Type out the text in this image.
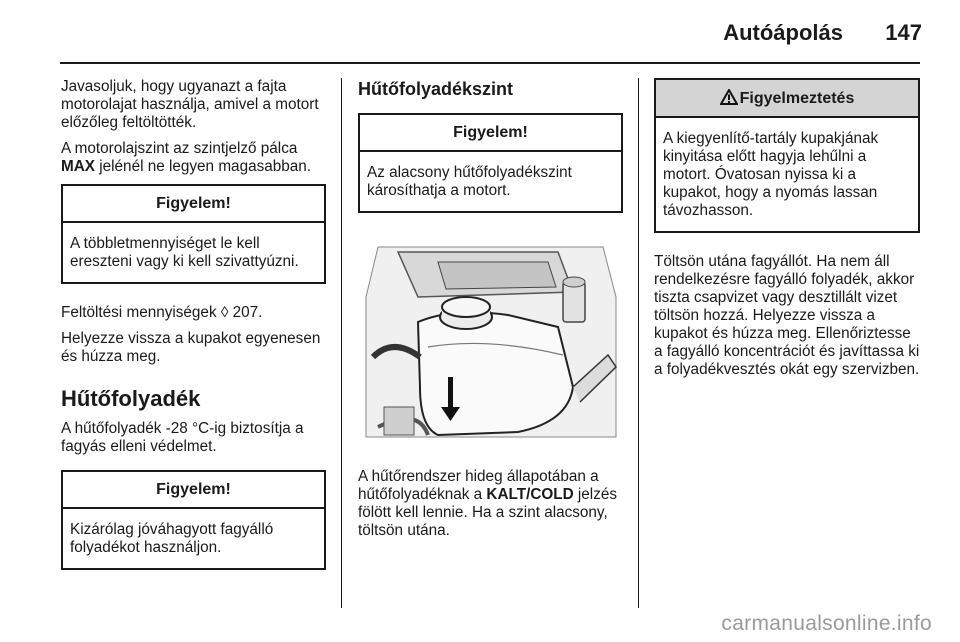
Autóápolás 147

Javasoljuk, hogy ugyanazt a fajta motorolajat használja, amivel a motort előzőleg feltöltötték.

A motorolajszint az szintjelző pálca
MAX jelénél ne legyen magasabban.

Figyelem!
A többletmennyiséget le kell ereszteni vagy ki kell szivattyúzni.

Feltöltési mennyiségek ◊ 207.

Helyezze vissza a kupakot egyenesen és húzza meg.

Hűtőfolyadék

A hűtőfolyadék -28 °C-ig biztosítja a fagyás elleni védelmet.

Figyelem!
Kizárólag jóváhagyott fagyálló folyadékot használjon.
Hűtőfolyadékszint
Figyelem!
Az alacsony hűtőfolyadékszint károsíthatja a motort.

A hűtőrendszer hideg állapotában a hűtőfolyadéknak a KALT/COLD jelzés fölött kell lennie. Ha a szint alacsony, töltsön utána.

Figyelmeztetés
A kiegyenlítő-tartály kupakjának kinyitása előtt hagyja lehűlni a motort. Óvatosan nyissa ki a kupakot, hogy a nyomás lassan távozhasson.

Töltsön utána fagyállót. Ha nem áll rendelkezésre fagyálló folyadék, akkor tiszta csapvizet vagy desztillált vizet töltsön hozzá. Helyezze vissza a kupakot és húzza meg. Ellenőriztesse a fagyálló koncentrációt és javíttassa ki a folyadékvesztés okát egy szervizben.

carmanualsonline.info
